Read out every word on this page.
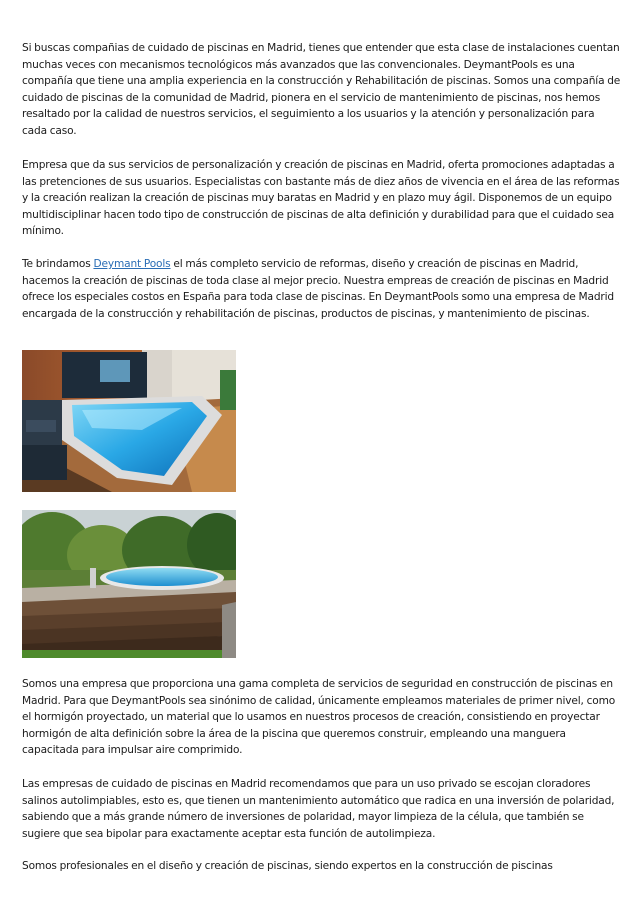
Si buscas compañias de cuidado de piscinas en Madrid, tienes que entender que esta clase de instalaciones cuentan muchas veces con mecanismos tecnológicos más avanzados que las convencionales. DeymantPools es una compañía que tiene una amplia experiencia en la construcción y Rehabilitación de piscinas. Somos una compañía de cuidado de piscinas de la comunidad de Madrid, pionera en el servicio de mantenimiento de piscinas, nos hemos resaltado por la calidad de nuestros servicios, el seguimiento a los usuarios y la atención y personalización para cada caso.

Empresa que da sus servicios de personalización y creación de piscinas en Madrid, oferta promociones adaptadas a las pretenciones de sus usuarios. Especialistas con bastante más de diez años de vivencia en el área de las reformas y la creación realizan la creación de piscinas muy baratas en Madrid y en plazo muy ágil. Disponemos de un equipo multidisciplinar hacen todo tipo de construcción de piscinas de alta definición y durabilidad para que el cuidado sea mínimo.

Te brindamos Deymant Pools el más completo servicio de reformas, diseño y creación de piscinas en Madrid, hacemos la creación de piscinas de toda clase al mejor precio. Nuestra empreas de creación de piscinas en Madrid ofrece los especiales costos en España para toda clase de piscinas. En DeymantPools somo una empresa de Madrid encargada de la construcción y rehabilitación de piscinas, productos de piscinas, y mantenimiento de piscinas.

Somos una empresa que proporciona una gama completa de servicios de seguridad en construcción de piscinas en Madrid. Para que DeymantPools sea sinónimo de calidad, únicamente empleamos materiales de primer nivel, como el hormigón proyectado, un material que lo usamos en nuestros procesos de creación, consistiendo en proyectar hormigón de alta definición sobre la área de la piscina que queremos construir, empleando una manguera capacitada para impulsar aire comprimido.

Las empresas de cuidado de piscinas en Madrid recomendamos que para un uso privado se escojan cloradores salinos autolimpiables, esto es, que tienen un mantenimiento automático que radica en una inversión de polaridad, sabiendo que a más grande número de inversiones de polaridad, mayor limpieza de la célula, que también se sugiere que sea bipolar para exactamente aceptar esta función de autolimpieza.

Somos profesionales en el diseño y creación de piscinas, siendo expertos en la construcción de piscinas
